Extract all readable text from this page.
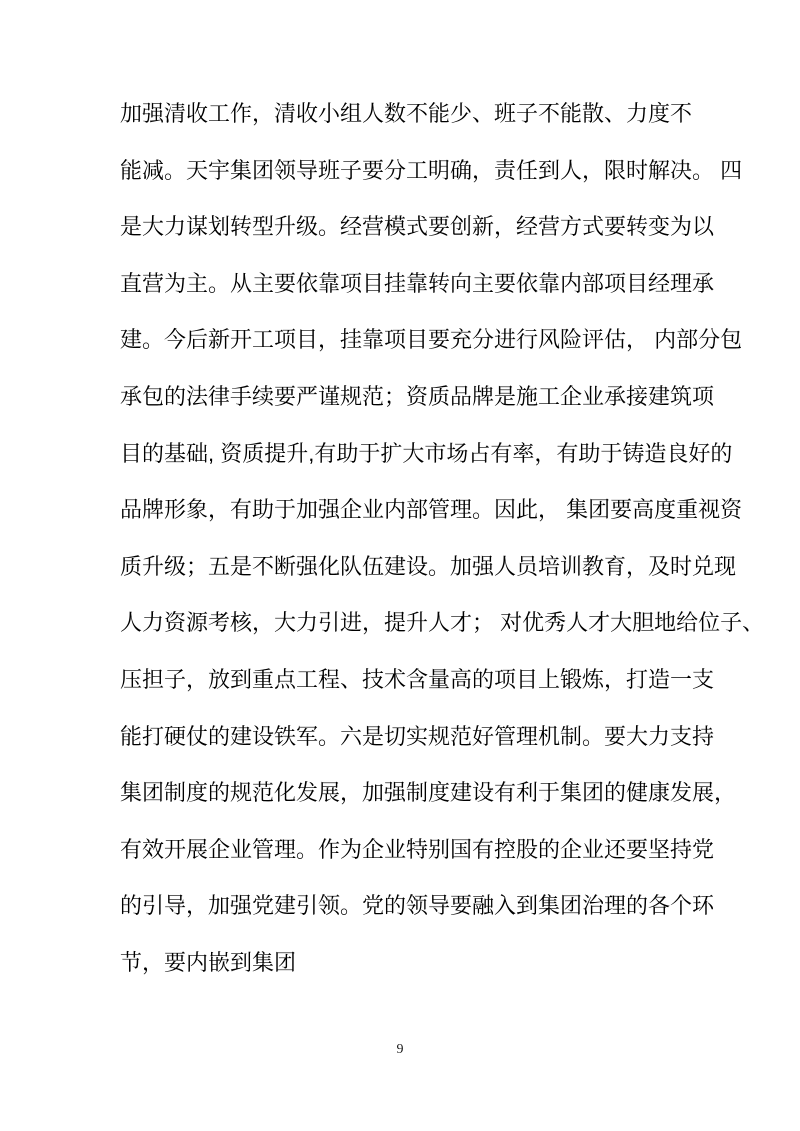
加强清收工作，清收小组人数不能少、班子不能散、力度不
能减。天宇集团领导班子要分工明确，责任到人，限时解决。 四
是大力谋划转型升级。经营模式要创新，经营方式要转变为以
直营为主。从主要依靠项目挂靠转向主要依靠内部项目经理承
建。今后新开工项目，挂靠项目要充分进行风险评估， 内部分包
承包的法律手续要严谨规范；资质品牌是施工企业承接建筑项
目的基础, 资质提升,有助于扩大市场占有率，有助于铸造良好的
品牌形象，有助于加强企业内部管理。因此， 集团要高度重视资
质升级；五是不断强化队伍建设。加强人员培训教育，及时兑现
人力资源考核，大力引进，提升人才； 对优秀人才大胆地给位子、
压担子，放到重点工程、技术含量高的项目上锻炼，打造一支
能打硬仗的建设铁军。六是切实规范好管理机制。要大力支持
集团制度的规范化发展，加强制度建设有利于集团的健康发展，
有效开展企业管理。作为企业特别国有控股的企业还要坚持党
的引导，加强党建引领。党的领导要融入到集团治理的各个环
节，要内嵌到集团
9
